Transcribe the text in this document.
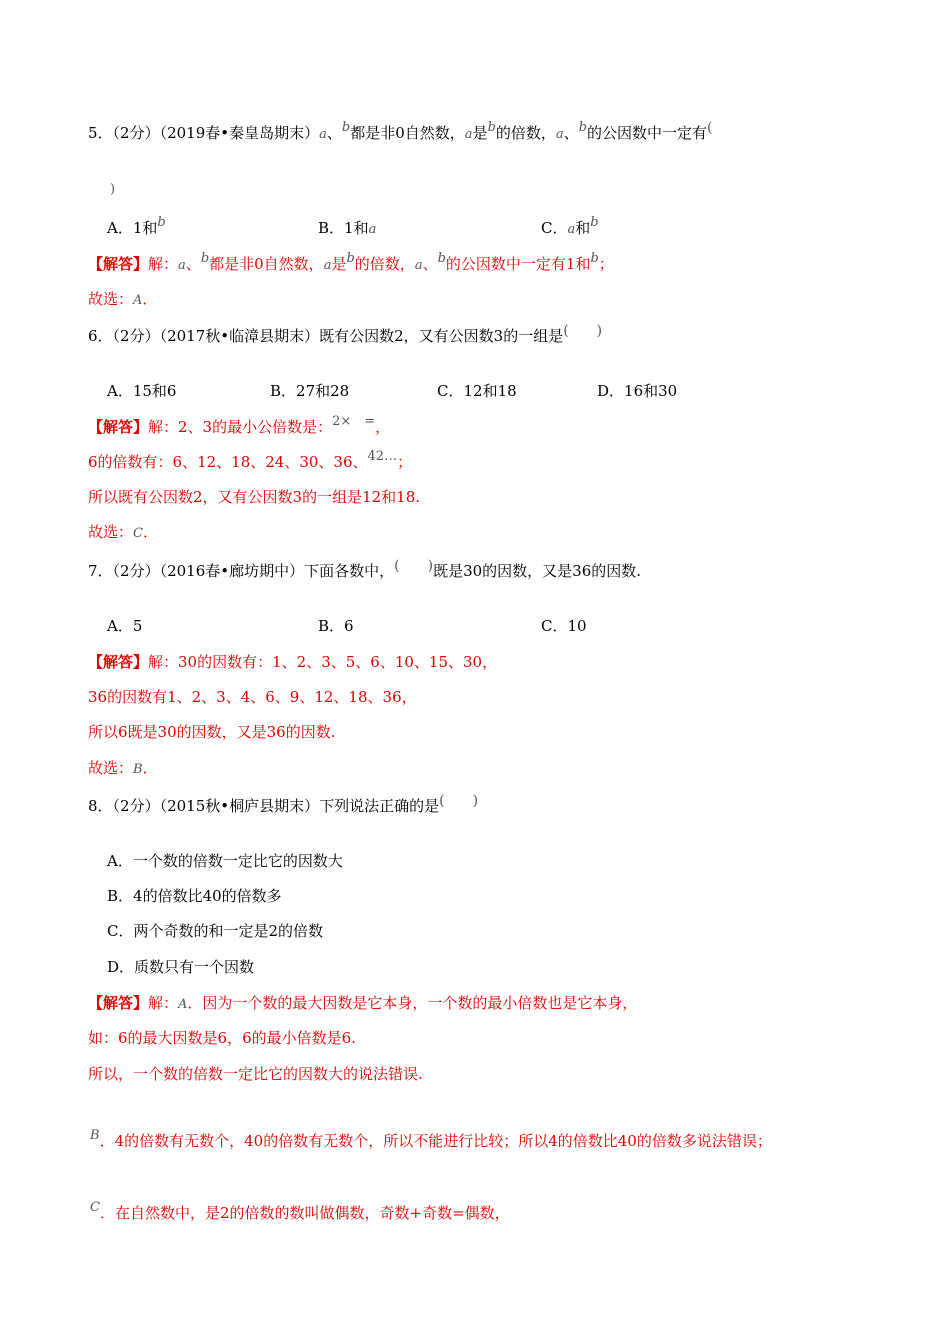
5．（2分）（2019春•秦皇岛期末）a、b都是非0自然数，a是b的倍数，a、b的公因数中一定有(
)
A．1和b	B．1和a	C．a和b
【解答】解：a、b都是非0自然数，a是b的倍数，a、b的公因数中一定有1和b；
故选：A．
6．（2分）（2017秋•临漳县期末）既有公因数2，又有公因数3的一组是(　　)
A．15和6	B．27和28	C．12和18	D．16和30
【解答】解：2、3的最小公倍数是：2×　=，
6的倍数有：6、12、18、24、30、36、42…；
所以既有公因数2，又有公因数3的一组是12和18.
故选：C．
7．（2分）（2016春•廊坊期中）下面各数中，(　　)既是30的因数，又是36的因数.
A．5	B．6	C．10
【解答】解：30的因数有：1、2、3、5、6、10、15、30，
36的因数有1、2、3、4、6、9、12、18、36，
所以6既是30的因数，又是36的因数.
故选：B．
8．（2分）（2015秋•桐庐县期末）下列说法正确的是(　　)
A．一个数的倍数一定比它的因数大
B．4的倍数比40的倍数多
C．两个奇数的和一定是2的倍数
D．质数只有一个因数
【解答】解：A．因为一个数的最大因数是它本身，一个数的最小倍数也是它本身，
如：6的最大因数是6，6的最小倍数是6.
所以，一个数的倍数一定比它的因数大的说法错误.
B．4的倍数有无数个，40的倍数有无数个，所以不能进行比较；所以4的倍数比40的倍数多说法错误；
C．在自然数中，是2的倍数的数叫做偶数，奇数+奇数=偶数，
